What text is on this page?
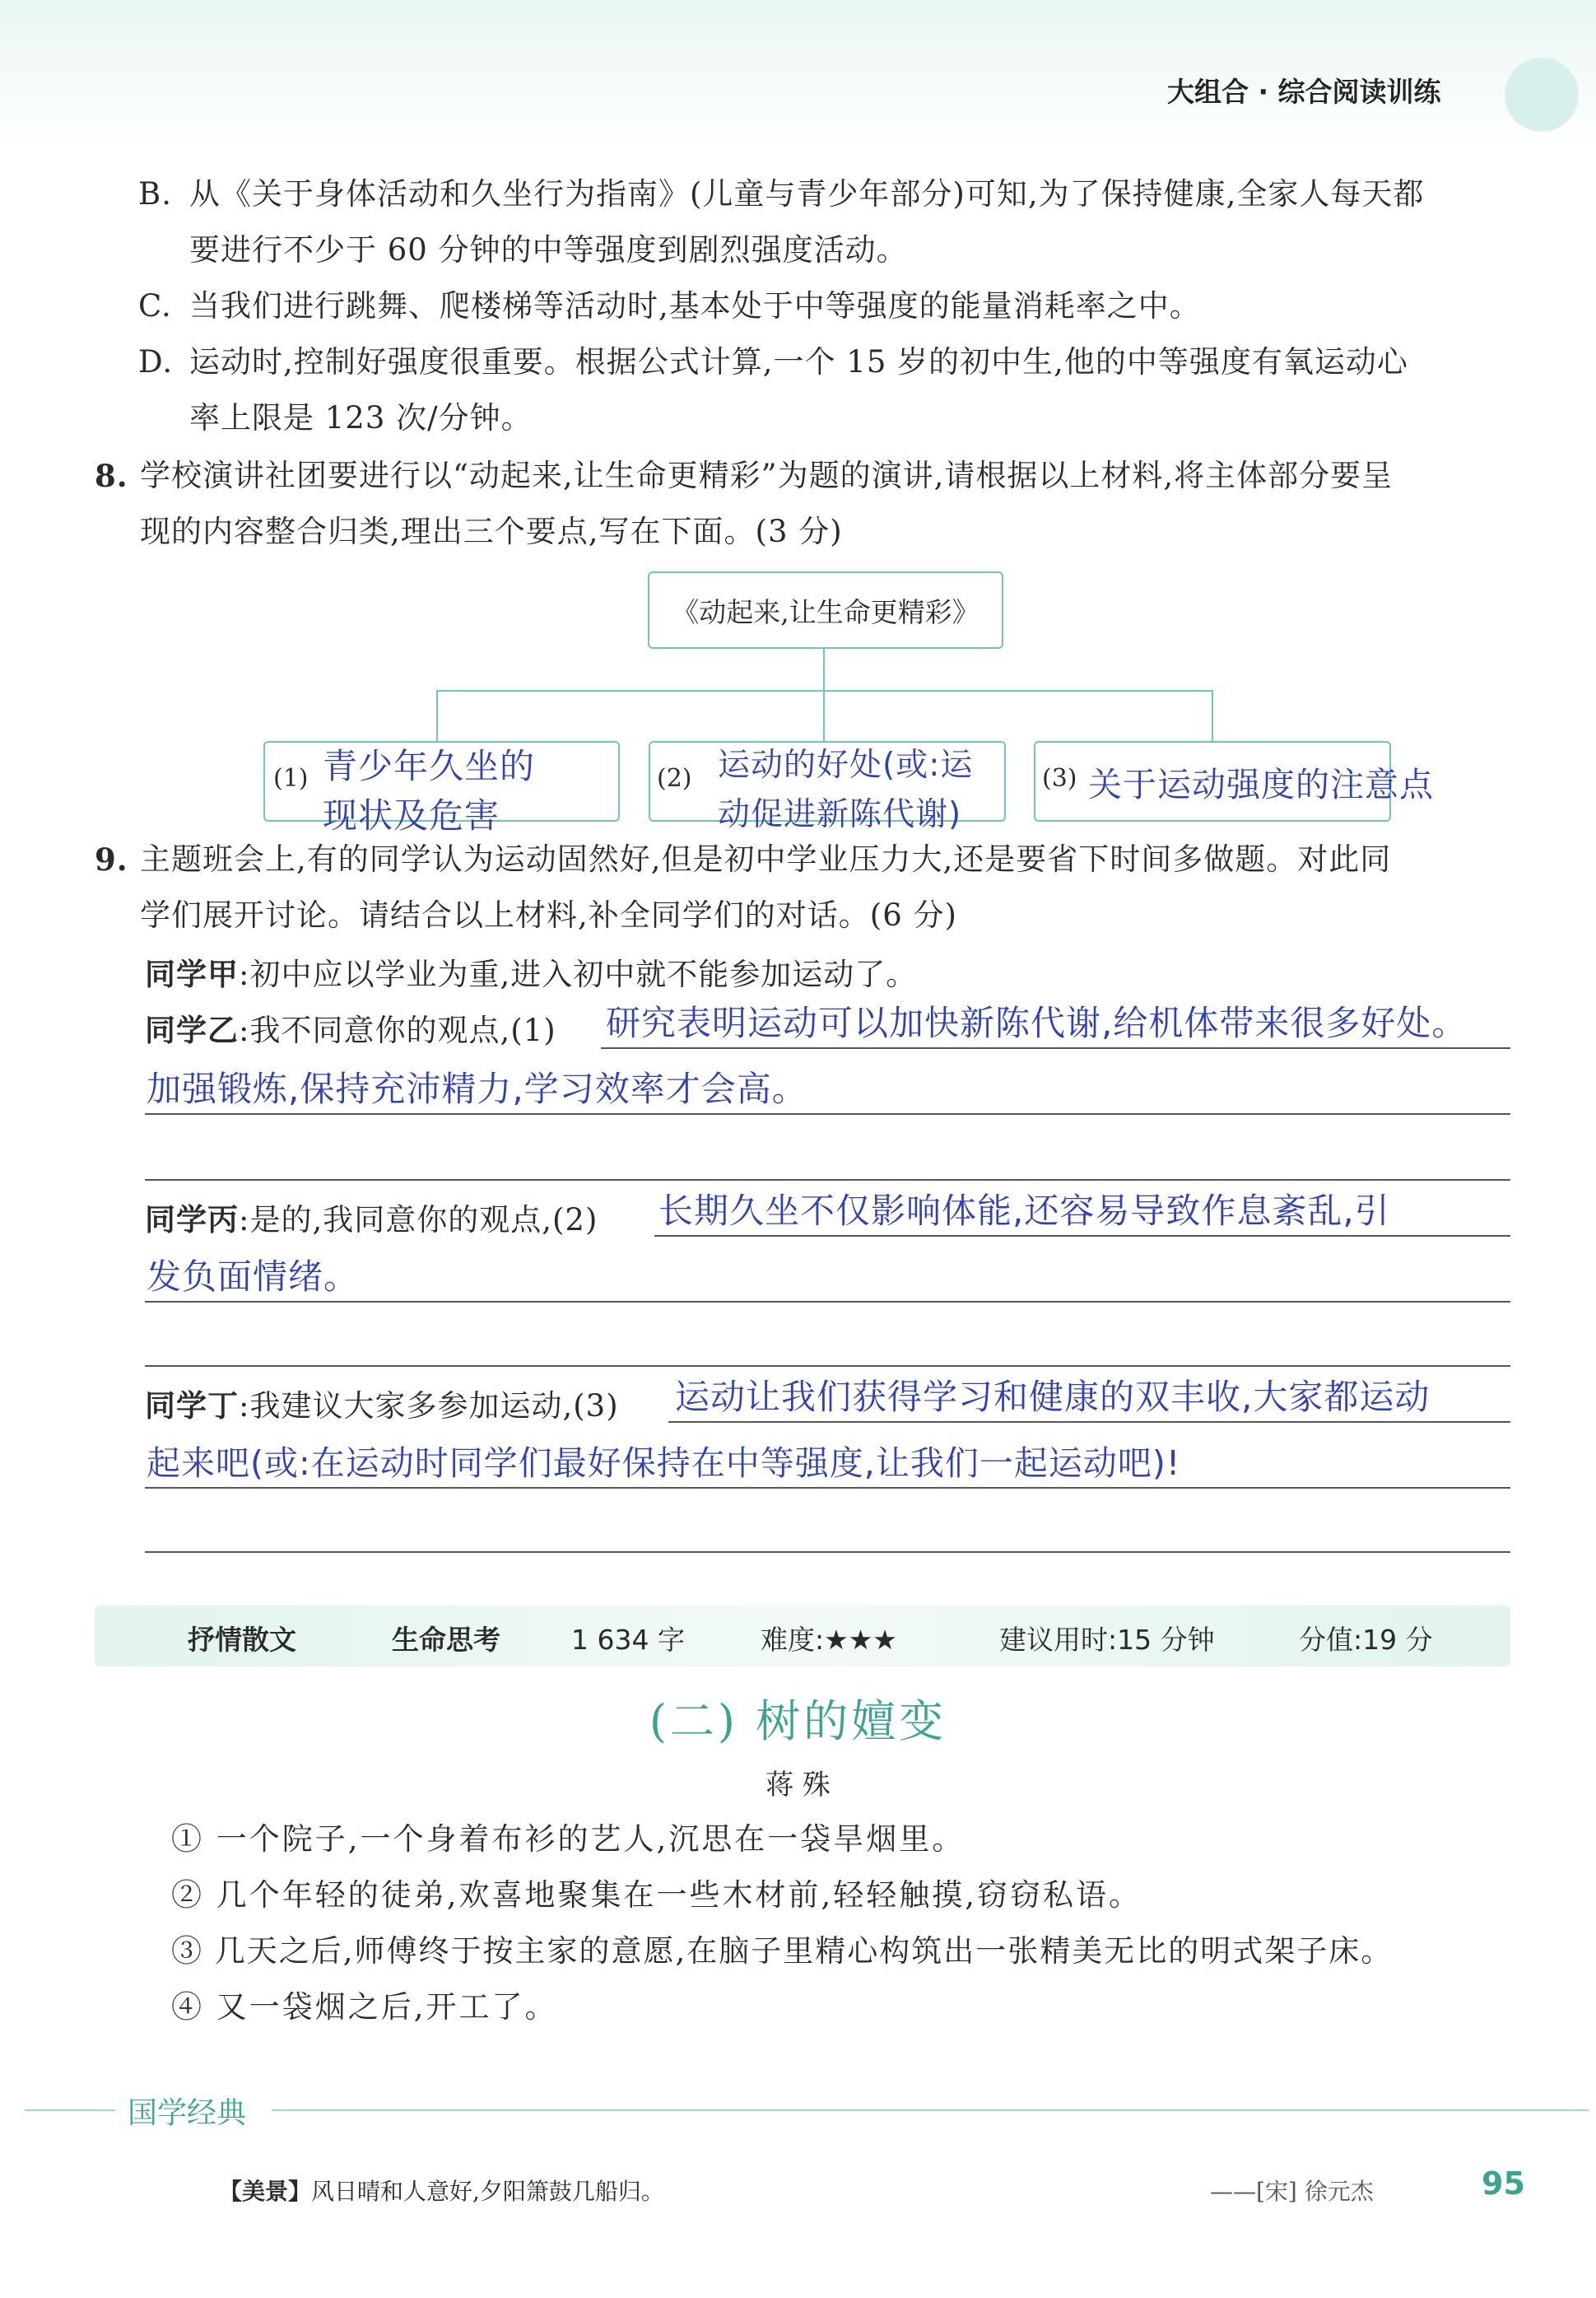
大组合 · 综合阅读训练
B. 从《关于身体活动和久坐行为指南》(儿童与青少年部分)可知,为了保持健康,全家人每天都
要进行不少于 60 分钟的中等强度到剧烈强度活动。
C. 当我们进行跳舞、爬楼梯等活动时,基本处于中等强度的能量消耗率之中。
D. 运动时,控制好强度很重要。根据公式计算,一个 15 岁的初中生,他的中等强度有氧运动心
率上限是 123 次/分钟。
8. 学校演讲社团要进行以“动起来,让生命更精彩”为题的演讲,请根据以上材料,将主体部分要呈
现的内容整合归类,理出三个要点,写在下面。(3 分)
《动起来,让生命更精彩》
(1) 青少年久坐的
现状及危害
(2) 运动的好处(或:运
动促进新陈代谢)
(3) 关于运动强度的注意点
9. 主题班会上,有的同学认为运动固然好,但是初中学业压力大,还是要省下时间多做题。对此同
学们展开讨论。请结合以上材料,补全同学们的对话。(6 分)
同学甲:初中应以学业为重,进入初中就不能参加运动了。
同学乙:我不同意你的观点,(1) 研究表明运动可以加快新陈代谢,给机体带来很多好处。
加强锻炼,保持充沛精力,学习效率才会高。
同学丙:是的,我同意你的观点,(2) 长期久坐不仅影响体能,还容易导致作息紊乱,引
发负面情绪。
同学丁:我建议大家多参加运动,(3) 运动让我们获得学习和健康的双丰收,大家都运动
起来吧(或:在运动时同学们最好保持在中等强度,让我们一起运动吧)!
抒情散文	生命思考	1 634 字	难度:★★★	建议用时:15 分钟	分值:19 分
(二) 树的嬗变
蒋 殊
① 一个院子,一个身着布衫的艺人,沉思在一袋旱烟里。
② 几个年轻的徒弟,欢喜地聚集在一些木材前,轻轻触摸,窃窃私语。
③ 几天之后,师傅终于按主家的意愿,在脑子里精心构筑出一张精美无比的明式架子床。
④ 又一袋烟之后,开工了。
国学经典
【美景】风日晴和人意好,夕阳箫鼓几船归。	——[宋] 徐元杰	95
